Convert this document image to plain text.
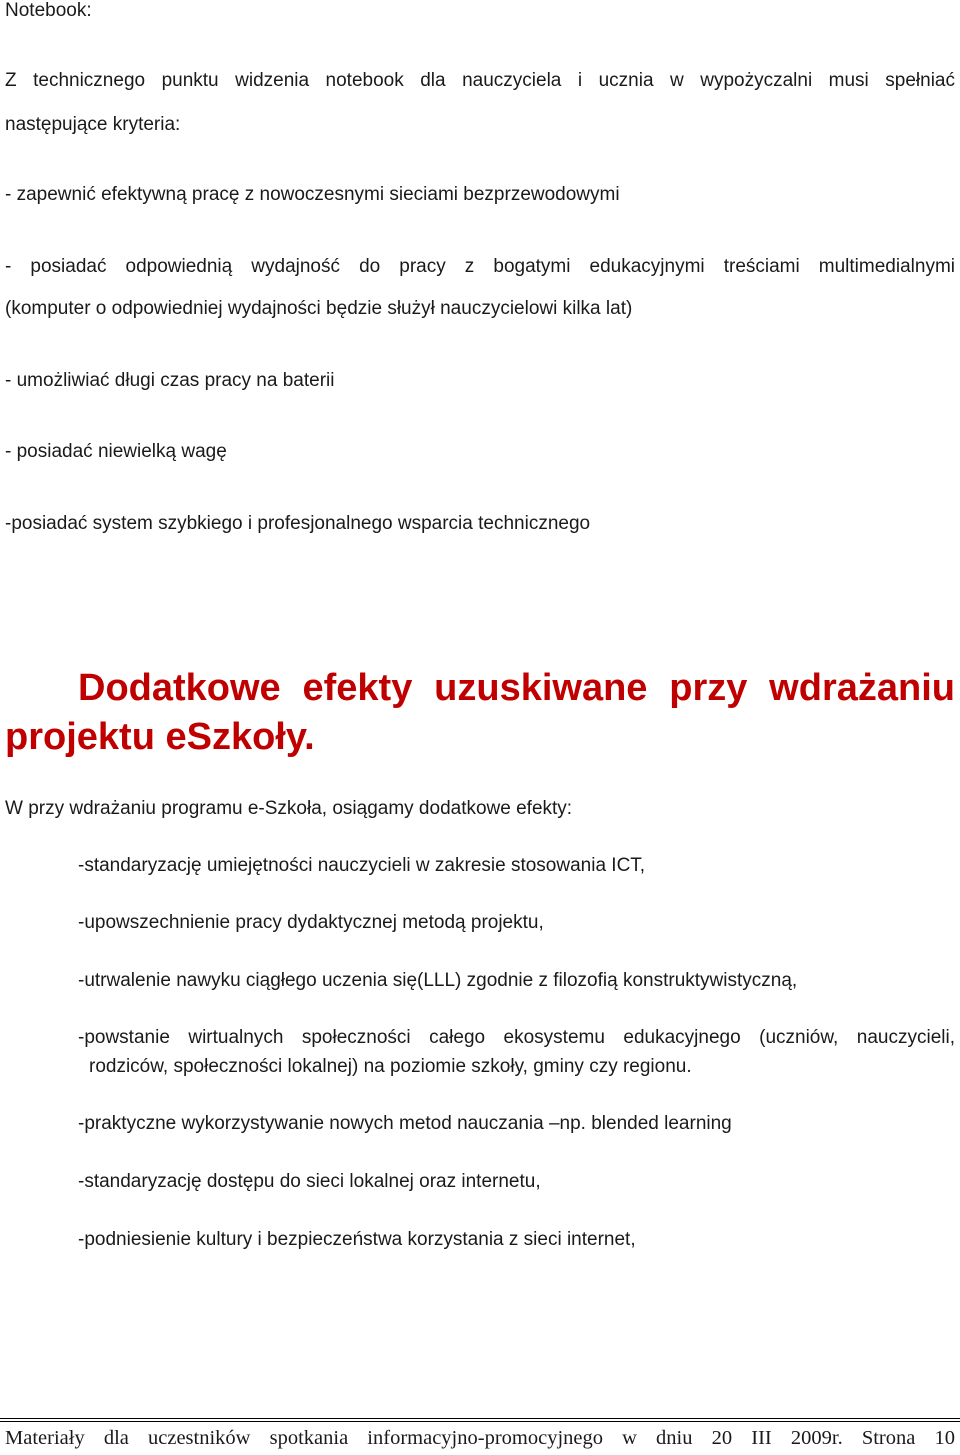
Notebook:

Z technicznego punktu widzenia notebook dla nauczyciela i ucznia w wypożyczalni musi spełniać

następujące kryteria:

- zapewnić efektywną pracę z nowoczesnymi sieciami bezprzewodowymi

- posiadać odpowiednią wydajność do pracy z bogatymi edukacyjnymi treściami multimedialnymi

(komputer o odpowiedniej wydajności będzie służył nauczycielowi kilka lat)

- umożliwiać długi czas pracy na baterii

- posiadać niewielką wagę

-posiadać system szybkiego i profesjonalnego wsparcia technicznego

Dodatkowe efekty uzuskiwane przy wdrażaniu
projektu eSzkoły.

W przy wdrażaniu programu e-Szkoła, osiągamy dodatkowe efekty:

-standaryzację umiejętności nauczycieli w zakresie stosowania ICT,

-upowszechnienie pracy dydaktycznej metodą projektu,

-utrwalenie nawyku ciągłego uczenia się(LLL) zgodnie z filozofią konstruktywistyczną,

-powstanie wirtualnych społeczności całego ekosystemu edukacyjnego (uczniów, nauczycieli,

rodziców, społeczności lokalnej) na poziomie szkoły, gminy czy regionu.

-praktyczne wykorzystywanie nowych metod nauczania –np. blended learning

-standaryzację dostępu do sieci lokalnej oraz internetu,

-podniesienie kultury i bezpieczeństwa korzystania z sieci internet,

Materiały dla uczestników spotkania informacyjno-promocyjnego w dniu 20 III 2009r. Strona 10
